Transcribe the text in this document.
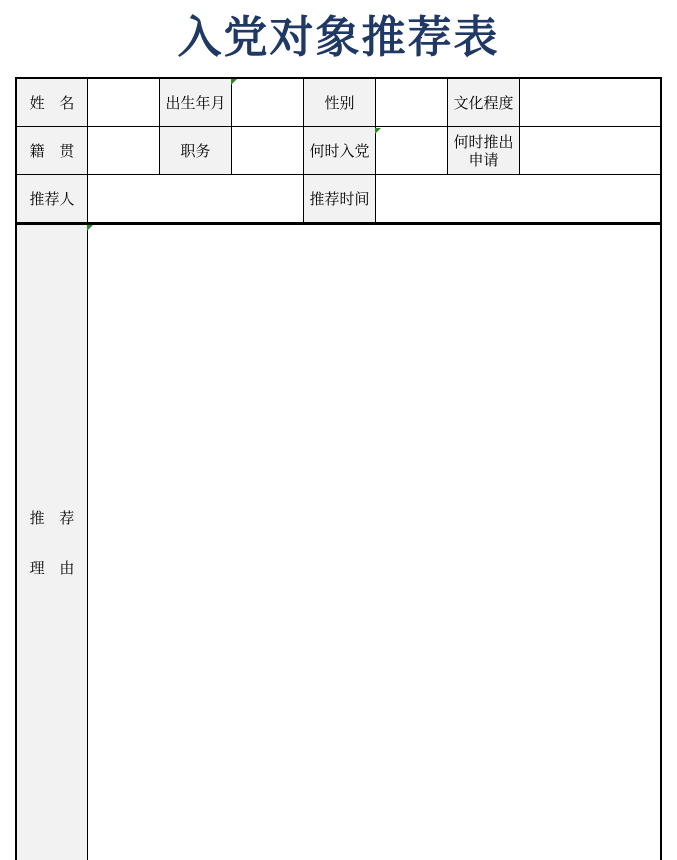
入党对象推荐表
姓 名	出生年月	性别	文化程度
籍 贯	职务	何时入党	何时推出
申请
推荐人	推荐时间
推 荐
理 由
